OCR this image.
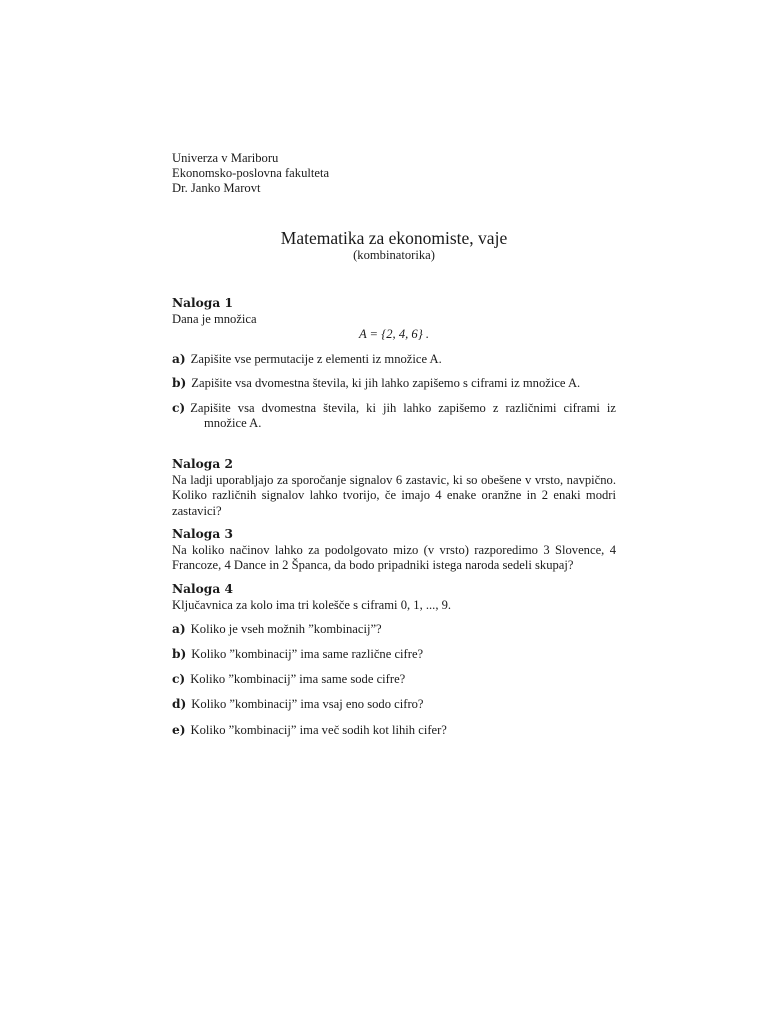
Univerza v Mariboru
Ekonomsko-poslovna fakulteta
Dr. Janko Marovt
Matematika za ekonomiste, vaje
(kombinatorika)
Naloga 1
Dana je množica
A = {2, 4, 6} .
a) Zapišite vse permutacije z elementi iz množice A.
b) Zapišite vsa dvomestna števila, ki jih lahko zapišemo s ciframi iz množice A.
c) Zapišite vsa dvomestna števila, ki jih lahko zapišemo z različnimi ciframi iz množice A.
Naloga 2
Na ladji uporabljajo za sporočanje signalov 6 zastavic, ki so obešene v vrsto, navpično. Koliko različnih signalov lahko tvorijo, če imajo 4 enake oranžne in 2 enaki modri zastavici?
Naloga 3
Na koliko načinov lahko za podolgovato mizo (v vrsto) razporedimo 3 Slovence, 4 Francoze, 4 Dance in 2 Španca, da bodo pripadniki istega naroda sedeli skupaj?
Naloga 4
Ključavnica za kolo ima tri kolešče s ciframi 0, 1, ..., 9.
a) Koliko je vseh možnih ”kombinacij”?
b) Koliko ”kombinacij” ima same različne cifre?
c) Koliko ”kombinacij” ima same sode cifre?
d) Koliko ”kombinacij” ima vsaj eno sodo cifro?
e) Koliko ”kombinacij” ima več sodih kot lihih cifer?
